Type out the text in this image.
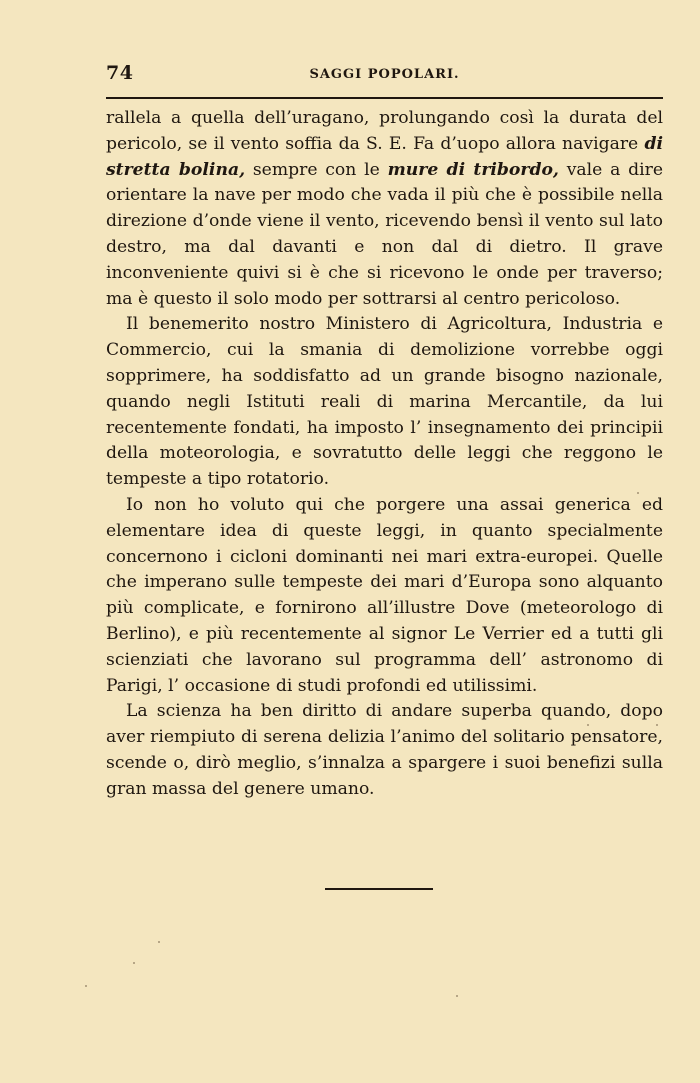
74	SAGGI POPOLARI.

rallela a quella dell’uragano, prolungando così la durata del pericolo, se il vento soffia da S. E. Fa d’uopo allora navigare di stretta bolina, sempre con le mure di tribordo, vale a dire orientare la nave per modo che vada il più che è possibile nella direzione d’onde viene il vento, ricevendo bensì il vento sul lato destro, ma dal davanti e non dal di dietro. Il grave inconveniente quivi si è che si ricevono le onde per traverso; ma è questo il solo modo per sottrarsi al centro pericoloso.

Il benemerito nostro Ministero di Agricoltura, Industria e Commercio, cui la smania di demolizione vorrebbe oggi sopprimere, ha soddisfatto ad un grande bisogno nazionale, quando negli Istituti reali di marina Mercantile, da lui recentemente fondati, ha imposto l’ insegnamento dei principii della moteorologia, e sovratutto delle leggi che reggono le tempeste a tipo rotatorio.

Io non ho voluto qui che porgere una assai generica ed elementare idea di queste leggi, in quanto specialmente concernono i cicloni dominanti nei mari extra-europei. Quelle che imperano sulle tempeste dei mari d’Europa sono alquanto più complicate, e fornirono all’illustre Dove (meteorologo di Berlino), e più recentemente al signor Le Verrier ed a tutti gli scienziati che lavorano sul programma dell’ astronomo di Parigi, l’ occasione di studi profondi ed utilissimi.

La scienza ha ben diritto di andare superba quando, dopo aver riempiuto di serena delizia l’animo del solitario pensatore, scende o, dirò meglio, s’innalza a spargere i suoi benefizi sulla gran massa del genere umano.
